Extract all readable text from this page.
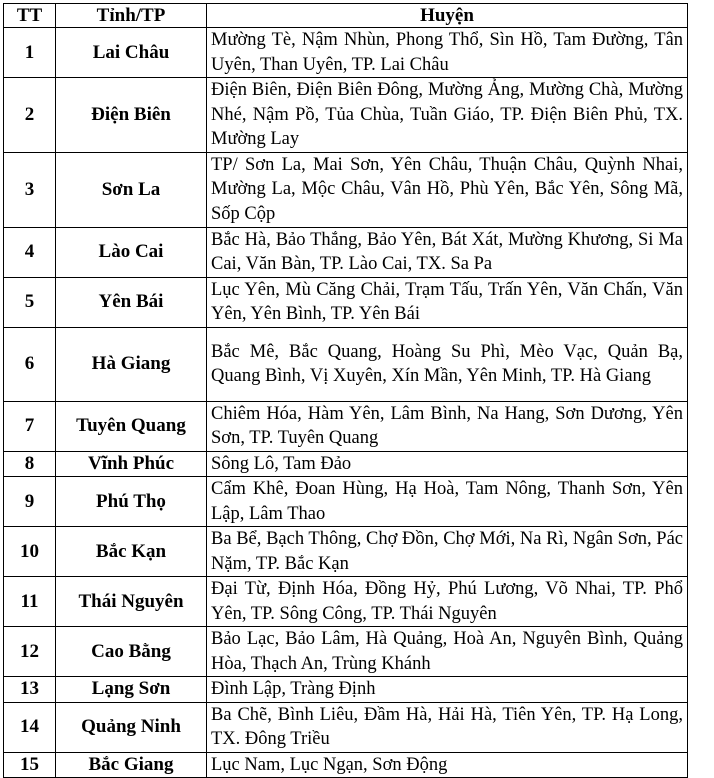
TT	Tỉnh/TP	Huyện
1	Lai Châu	Mường Tè, Nậm Nhùn, Phong Thổ, Sìn Hồ, Tam Đường, Tân Uyên, Than Uyên, TP. Lai Châu
2	Điện Biên	Điện Biên, Điện Biên Đông, Mường Ảng, Mường Chà, Mường Nhé, Nậm Pồ, Tủa Chùa, Tuần Giáo, TP. Điện Biên Phủ, TX. Mường Lay
3	Sơn La	TP/ Sơn La, Mai Sơn, Yên Châu, Thuận Châu, Quỳnh Nhai, Mường La, Mộc Châu, Vân Hồ, Phù Yên, Bắc Yên, Sông Mã, Sốp Cộp
4	Lào Cai	Bắc Hà, Bảo Thắng, Bảo Yên, Bát Xát, Mường Khương, Si Ma Cai, Văn Bàn, TP. Lào Cai, TX. Sa Pa
5	Yên Bái	Lục Yên, Mù Căng Chải, Trạm Tấu, Trấn Yên, Văn Chấn, Văn Yên, Yên Bình, TP. Yên Bái
6	Hà Giang	Bắc Mê, Bắc Quang, Hoàng Su Phì, Mèo Vạc, Quản Bạ, Quang Bình, Vị Xuyên, Xín Mần, Yên Minh, TP. Hà Giang
7	Tuyên Quang	Chiêm Hóa, Hàm Yên, Lâm Bình, Na Hang, Sơn Dương, Yên Sơn, TP. Tuyên Quang
8	Vĩnh Phúc	Sông Lô, Tam Đảo
9	Phú Thọ	Cẩm Khê, Đoan Hùng, Hạ Hoà, Tam Nông, Thanh Sơn, Yên Lập, Lâm Thao
10	Bắc Kạn	Ba Bể, Bạch Thông, Chợ Đồn, Chợ Mới, Na Rì, Ngân Sơn, Pác Nặm, TP. Bắc Kạn
11	Thái Nguyên	Đại Từ, Định Hóa, Đồng Hỷ, Phú Lương, Võ Nhai, TP. Phổ Yên, TP. Sông Công, TP. Thái Nguyên
12	Cao Bằng	Bảo Lạc, Bảo Lâm, Hà Quảng, Hoà An, Nguyên Bình, Quảng Hòa, Thạch An, Trùng Khánh
13	Lạng Sơn	Đình Lập, Tràng Định
14	Quảng Ninh	Ba Chẽ, Bình Liêu, Đầm Hà, Hải Hà, Tiên Yên, TP. Hạ Long, TX. Đông Triều
15	Bắc Giang	Lục Nam, Lục Ngạn, Sơn Động
